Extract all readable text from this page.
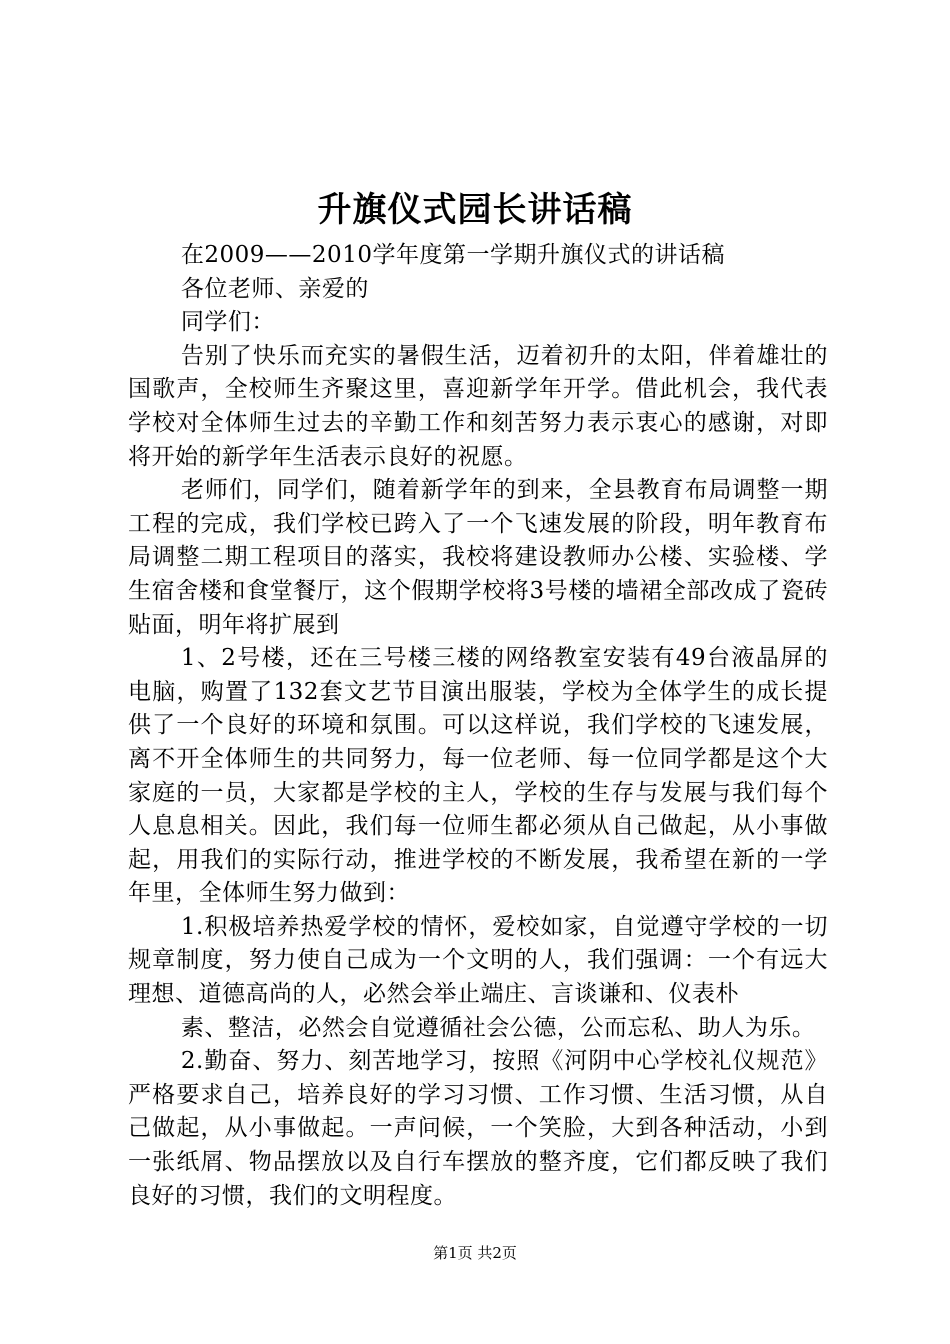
升旗仪式园长讲话稿

在2009——2010学年度第一学期升旗仪式的讲话稿

各位老师、亲爱的

同学们：

告别了快乐而充实的暑假生活，迈着初升的太阳，伴着雄壮的国歌声，全校师生齐聚这里，喜迎新学年开学。借此机会，我代表学校对全体师生过去的辛勤工作和刻苦努力表示衷心的感谢，对即将开始的新学年生活表示良好的祝愿。

老师们，同学们，随着新学年的到来，全县教育布局调整一期工程的完成，我们学校已跨入了一个飞速发展的阶段，明年教育布局调整二期工程项目的落实，我校将建设教师办公楼、实验楼、学生宿舍楼和食堂餐厅，这个假期学校将3号楼的墙裙全部改成了瓷砖贴面，明年将扩展到

1、2号楼，还在三号楼三楼的网络教室安装有49台液晶屏的电脑，购置了132套文艺节目演出服装，学校为全体学生的成长提供了一个良好的环境和氛围。可以这样说，我们学校的飞速发展，离不开全体师生的共同努力，每一位老师、每一位同学都是这个大家庭的一员，大家都是学校的主人，学校的生存与发展与我们每个人息息相关。因此，我们每一位师生都必须从自己做起，从小事做起，用我们的实际行动，推进学校的不断发展，我希望在新的一学年里，全体师生努力做到：

1.积极培养热爱学校的情怀，爱校如家，自觉遵守学校的一切规章制度，努力使自己成为一个文明的人，我们强调：一个有远大理想、道德高尚的人，必然会举止端庄、言谈谦和、仪表朴

素、整洁，必然会自觉遵循社会公德，公而忘私、助人为乐。

2.勤奋、努力、刻苦地学习，按照《河阴中心学校礼仪规范》严格要求自己，培养良好的学习习惯、工作习惯、生活习惯，从自己做起，从小事做起。一声问候，一个笑脸，大到各种活动，小到一张纸屑、物品摆放以及自行车摆放的整齐度，它们都反映了我们良好的习惯，我们的文明程度。

第1页 共2页
